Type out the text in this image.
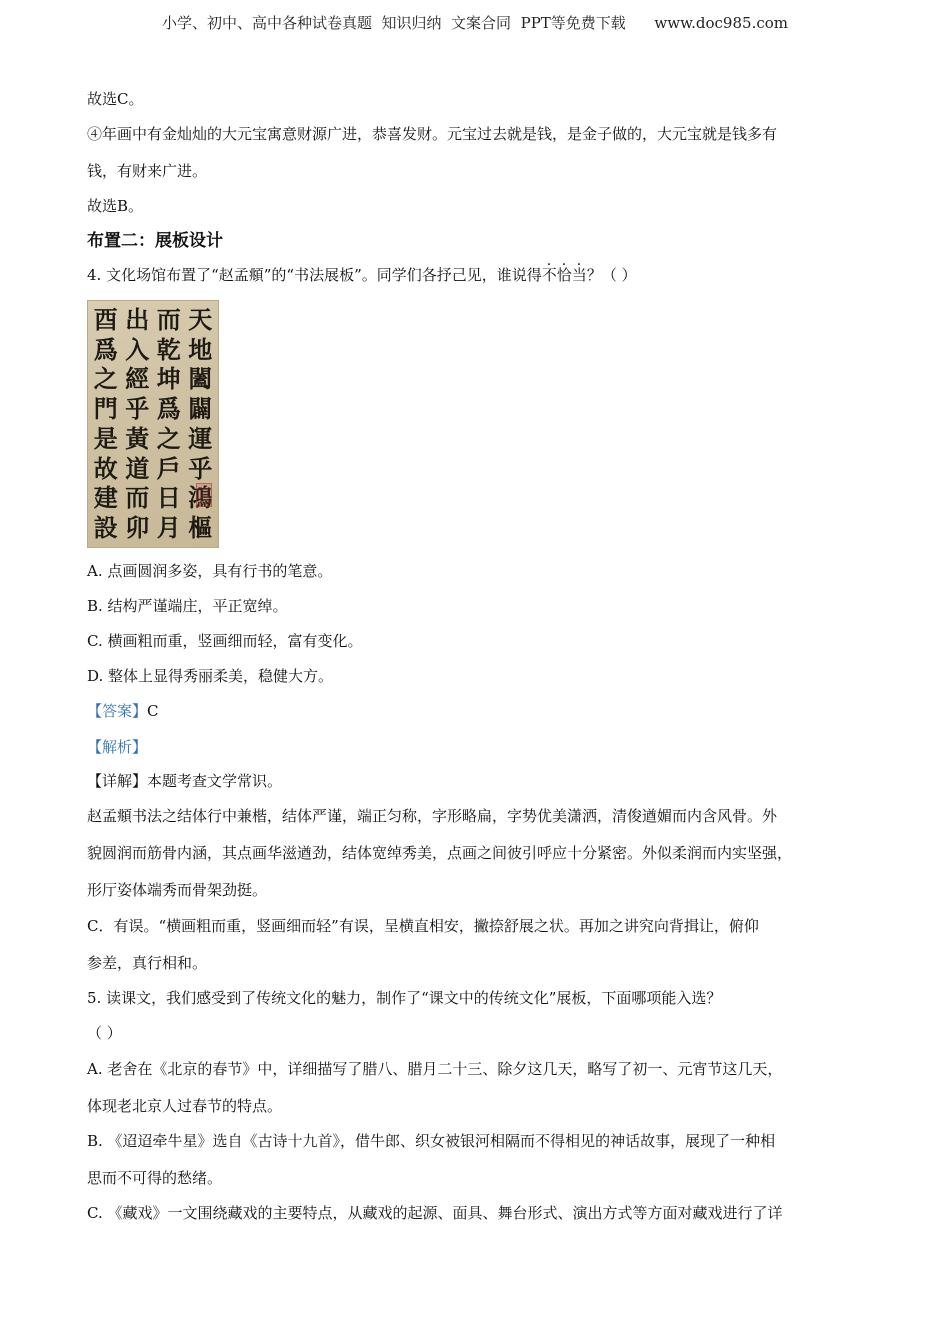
小学、初中、高中各种试卷真题  知识归纳  文案合同  PPT等免费下载      www.doc985.com
故选C。
④年画中有金灿灿的大元宝寓意财源广进，恭喜发财。元宝过去就是钱，是金子做的，大元宝就是钱多有
钱，有财来广进。
故选B。
布置二：展板设计
4. 文化场馆布置了“赵孟頫”的“书法展板”。同学们各抒己见，谁说得不恰当？（ ）
A. 点画圆润多姿，具有行书的笔意。
B. 结构严谨端庄，平正宽绰。
C. 横画粗而重，竖画细而轻，富有变化。
D. 整体上显得秀丽柔美，稳健大方。
【答案】C
【解析】
【详解】本题考查文学常识。
赵孟頫书法之结体行中兼楷，结体严谨，端正匀称，字形略扁，字势优美潇洒，清俊遒媚而内含风骨。外
貌圆润而筋骨内涵，其点画华滋遒劲，结体宽绰秀美，点画之间彼引呼应十分紧密。外似柔润而内实坚强，
形厅姿体端秀而骨架劲挺。
C．有误。“横画粗而重，竖画细而轻”有误，呈横直相安，撇捺舒展之状。再加之讲究向背揖让，俯仰
参差，真行相和。
5. 读课文，我们感受到了传统文化的魅力，制作了“课文中的传统文化”展板，下面哪项能入选？
（ ）
A. 老舍在《北京的春节》中，详细描写了腊八、腊月二十三、除夕这几天，略写了初一、元宵节这几天，
体现老北京人过春节的特点。
B. 《迢迢牵牛星》选自《古诗十九首》，借牛郎、织女被银河相隔而不得相见的神话故事，展现了一种相
思而不可得的愁绪。
C. 《藏戏》一文围绕藏戏的主要特点，从藏戏的起源、面具、舞台形式、演出方式等方面对藏戏进行了详
酉 出 而 天
爲 入 乾 地
之 經 坤 闔
門 乎 爲 闢
是 黃 之 運
故 道 戶 乎
建 而 日 鴻
設 卯 月 樞
